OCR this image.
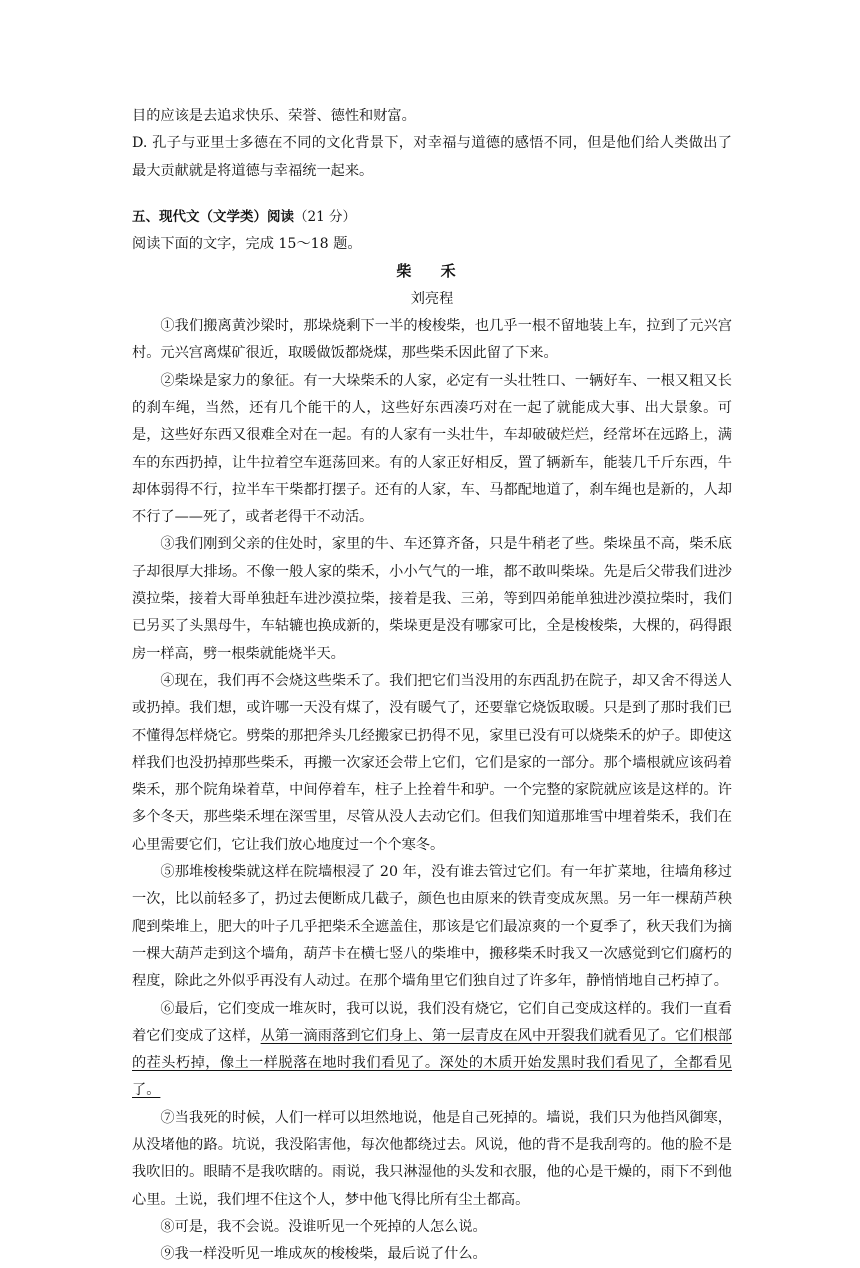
目的应该是去追求快乐、荣誉、德性和财富。

D. 孔子与亚里士多德在不同的文化背景下，对幸福与道德的感悟不同，但是他们给人类做出了最大贡献就是将道德与幸福统一起来。

五、现代文（文学类）阅读（21 分）

阅读下面的文字，完成 15～18 题。

柴 禾

刘亮程

①我们搬离黄沙梁时，那垛烧剩下一半的梭梭柴，也几乎一根不留地装上车，拉到了元兴宫村。元兴宫离煤矿很近，取暖做饭都烧煤，那些柴禾因此留了下来。

②柴垛是家力的象征。有一大垛柴禾的人家，必定有一头壮牲口、一辆好车、一根又粗又长的刹车绳，当然，还有几个能干的人，这些好东西凑巧对在一起了就能成大事、出大景象。可是，这些好东西又很难全对在一起。有的人家有一头壮牛，车却破破烂烂，经常坏在远路上，满车的东西扔掉，让牛拉着空车逛荡回来。有的人家正好相反，置了辆新车，能装几千斤东西，牛却体弱得不行，拉半车干柴都打摆子。还有的人家，车、马都配地道了，刹车绳也是新的，人却不行了——死了，或者老得干不动活。

③我们刚到父亲的住处时，家里的牛、车还算齐备，只是牛稍老了些。柴垛虽不高，柴禾底子却很厚大排场。不像一般人家的柴禾，小小气气的一堆，都不敢叫柴垛。先是后父带我们进沙漠拉柴，接着大哥单独赶车进沙漠拉柴，接着是我、三弟，等到四弟能单独进沙漠拉柴时，我们已另买了头黑母牛，车轱辘也换成新的，柴垛更是没有哪家可比，全是梭梭柴，大棵的，码得跟房一样高，劈一根柴就能烧半天。

④现在，我们再不会烧这些柴禾了。我们把它们当没用的东西乱扔在院子，却又舍不得送人或扔掉。我们想，或许哪一天没有煤了，没有暖气了，还要靠它烧饭取暖。只是到了那时我们已不懂得怎样烧它。劈柴的那把斧头几经搬家已扔得不见，家里已没有可以烧柴禾的炉子。即使这样我们也没扔掉那些柴禾，再搬一次家还会带上它们，它们是家的一部分。那个墙根就应该码着柴禾，那个院角垛着草，中间停着车，柱子上拴着牛和驴。一个完整的家院就应该是这样的。许多个冬天，那些柴禾埋在深雪里，尽管从没人去动它们。但我们知道那堆雪中埋着柴禾，我们在心里需要它们，它让我们放心地度过一个个寒冬。

⑤那堆梭梭柴就这样在院墙根浸了 20 年，没有谁去管过它们。有一年扩菜地，往墙角移过一次，比以前轻多了，扔过去便断成几截子，颜色也由原来的铁青变成灰黑。另一年一棵葫芦秧爬到柴堆上，肥大的叶子几乎把柴禾全遮盖住，那该是它们最凉爽的一个夏季了，秋天我们为摘一棵大葫芦走到这个墙角，葫芦卡在横七竖八的柴堆中，搬移柴禾时我又一次感觉到它们腐朽的程度，除此之外似乎再没有人动过。在那个墙角里它们独自过了许多年，静悄悄地自己朽掉了。

⑥最后，它们变成一堆灰时，我可以说，我们没有烧它，它们自己变成这样的。我们一直看着它们变成了这样，从第一滴雨落到它们身上、第一层青皮在风中开裂我们就看见了。它们根部的茬头朽掉，像土一样脱落在地时我们看见了。深处的木质开始发黑时我们看见了，全都看见了。

⑦当我死的时候，人们一样可以坦然地说，他是自己死掉的。墙说，我们只为他挡风御寒，从没堵他的路。坑说，我没陷害他，每次他都绕过去。风说，他的背不是我刮弯的。他的脸不是我吹旧的。眼睛不是我吹瞎的。雨说，我只淋湿他的头发和衣服，他的心是干燥的，雨下不到他心里。土说，我们埋不住这个人，梦中他飞得比所有尘土都高。

⑧可是，我不会说。没谁听见一个死掉的人怎么说。

⑨我一样没听见一堆成灰的梭梭柴，最后说了什么。
